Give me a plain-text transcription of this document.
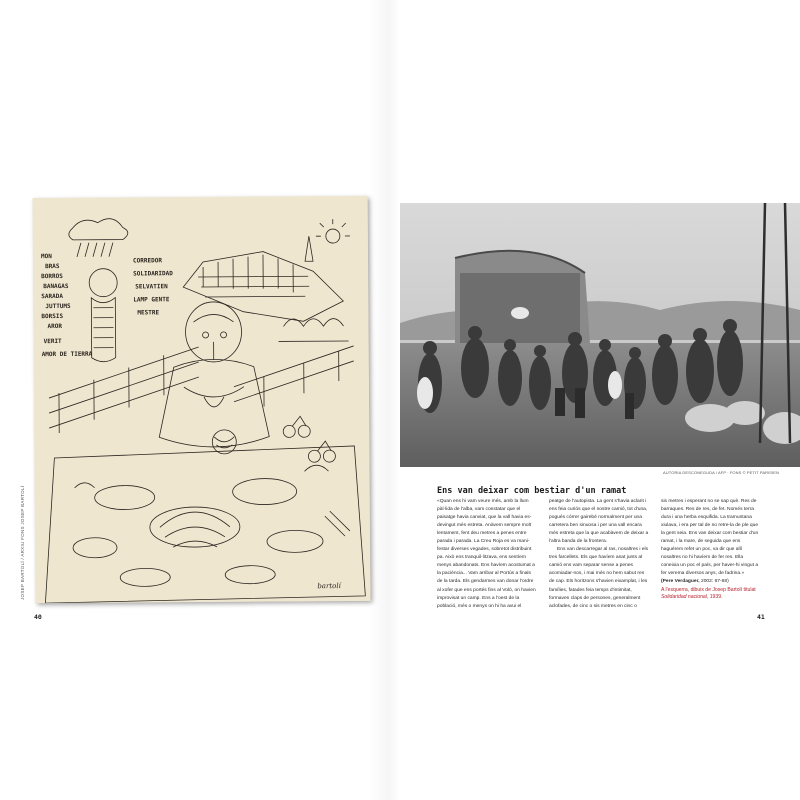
MON
BRAS
BORROS
BANAGAS
SARADA
JUTTUMS
BORSIS
AROR
VERIT
AMOR DE TIERRA
CORREDOR
SOLIDARIDAD
SELVATIEN
LAMP GENTE
MESTRE
bartolí
JOSEP BARTOLÍ / ARXIU FONS JOSEP BARTOLÍ
40
AUTORIA DESCONEGUDA / AFP · FONS © PETIT PARISIEN
Ens van deixar com bestiar d'un ramat

«Quan ens hi vam veure més, amb la llum pàl·lida de l'alba, vam constatar que el paisatge havia canviat, que la vall havia esdevingut més estreta. Anàvem sempre molt lentament, fent deu metres a penes entre parada i parada. La Creu Roja es va manifestar diverses vegades, sobretot distribuint pa. Això ens tranquil·litzava, ens sentíem menys abandonats. Ens havíem acostumat a la paciència... Vam arribar al Portús a finals de la tarda. Els gendarmes van donar l'ordre al xofer que ens portés fins al Voló, on havien improvisat un camp. Ens a l'oest de la població, més o menys on hi ha avui el

peatge de l'autopista. La gent s'havia aclarit i ens feia curiós que el nostre camió, tot d'una, pogués córrer gairebé normalment per una carretera ben sinuosa i per una vall encara més estreta que la que acabàvem de deixar a l'altra banda de la frontera.

Ens van descarregar al ras, nosaltres i els tres farcellets. Els que havíem anat junts al camió ens vam separar sense a penes acomiadar-nos, i mai més no hem sabut res de cap. Els horitzons s'havien eixamplat, i les famílies, fatades feia temps d'intimitat, formaven claps de persones, generalment aclofades, de cinc o sis metres en cinc o

sis metres i esperant no se sap què. Res de barraques. Res de res, de fet. Només terra dura i una herba esquifida. La tramuntana xiulava, i era per tal de no retre-la de ple que la gent seia. Ens van deixar com bestiar d'un ramat, i la mare, de seguida que ens haguérem refet un poc, va dir que allí nosaltres no hi havíem de fer res. Ella coneixia un poc el país, per haver-hi vingut a fer verema diversos anys, de fadrina.»
(Pere Verdaguer, 2002: 67-68)

A l'esquerra, dibuix de Josep Bartolí titulat Solidaridad nacional, 1939.

41
